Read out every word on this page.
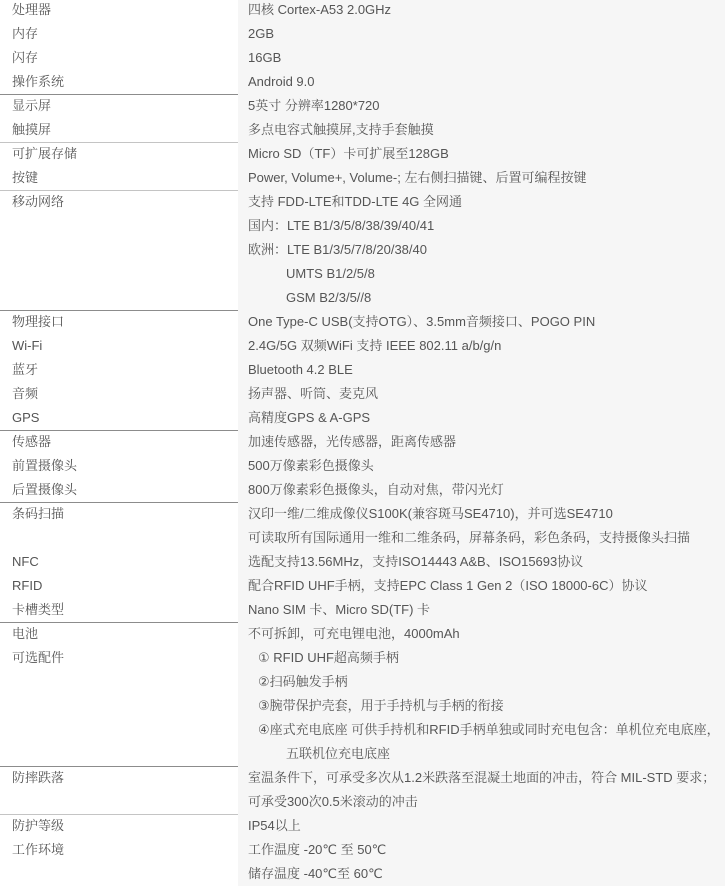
处理器	四核 Cortex-A53 2.0GHz
内存	2GB
闪存	16GB
操作系统	Android 9.0
显示屏	5英寸 分辨率1280*720
触摸屏	多点电容式触摸屏,支持手套触摸
可扩展存储	Micro SD（TF）卡可扩展至128GB
按键	Power, Volume+, Volume-; 左右侧扫描键、后置可编程按键
移动网络	支持 FDD-LTE和TDD-LTE 4G 全网通
国内：LTE B1/3/5/8/38/39/40/41
欧洲：LTE B1/3/5/7/8/20/38/40
UMTS B1/2/5/8
GSM B2/3/5//8
物理接口	One Type-C USB(支持OTG）、3.5mm音频接口、POGO PIN
Wi-Fi	2.4G/5G 双频WiFi 支持 IEEE 802.11 a/b/g/n
蓝牙	Bluetooth 4.2 BLE
音频	扬声器、听筒、麦克风
GPS	高精度GPS & A-GPS
传感器	加速传感器，光传感器，距离传感器
前置摄像头	500万像素彩色摄像头
后置摄像头	800万像素彩色摄像头，自动对焦，带闪光灯
条码扫描	汉印一维/二维成像仪S100K(兼容斑马SE4710)，并可选SE4710
可读取所有国际通用一维和二维条码，屏幕条码，彩色条码，支持摄像头扫描
NFC	选配支持13.56MHz，支持ISO14443 A&B、ISO15693协议
RFID	配合RFID UHF手柄，支持EPC Class 1 Gen 2（ISO 18000-6C）协议
卡槽类型	Nano SIM 卡、Micro SD(TF) 卡
电池	不可拆卸，可充电锂电池，4000mAh
可选配件	① RFID UHF超高频手柄
②扫码触发手柄
③腕带保护壳套，用于手持机与手柄的衔接
④座式充电底座 可供手持机和RFID手柄单独或同时充电包含：单机位充电底座，
五联机位充电底座
防摔跌落	室温条件下，可承受多次从1.2米跌落至混凝土地面的冲击，符合 MIL-STD 要求；
可承受300次0.5米滚动的冲击
防护等级	IP54以上
工作环境	工作温度 -20℃ 至 50℃
储存温度 -40℃至 60℃
